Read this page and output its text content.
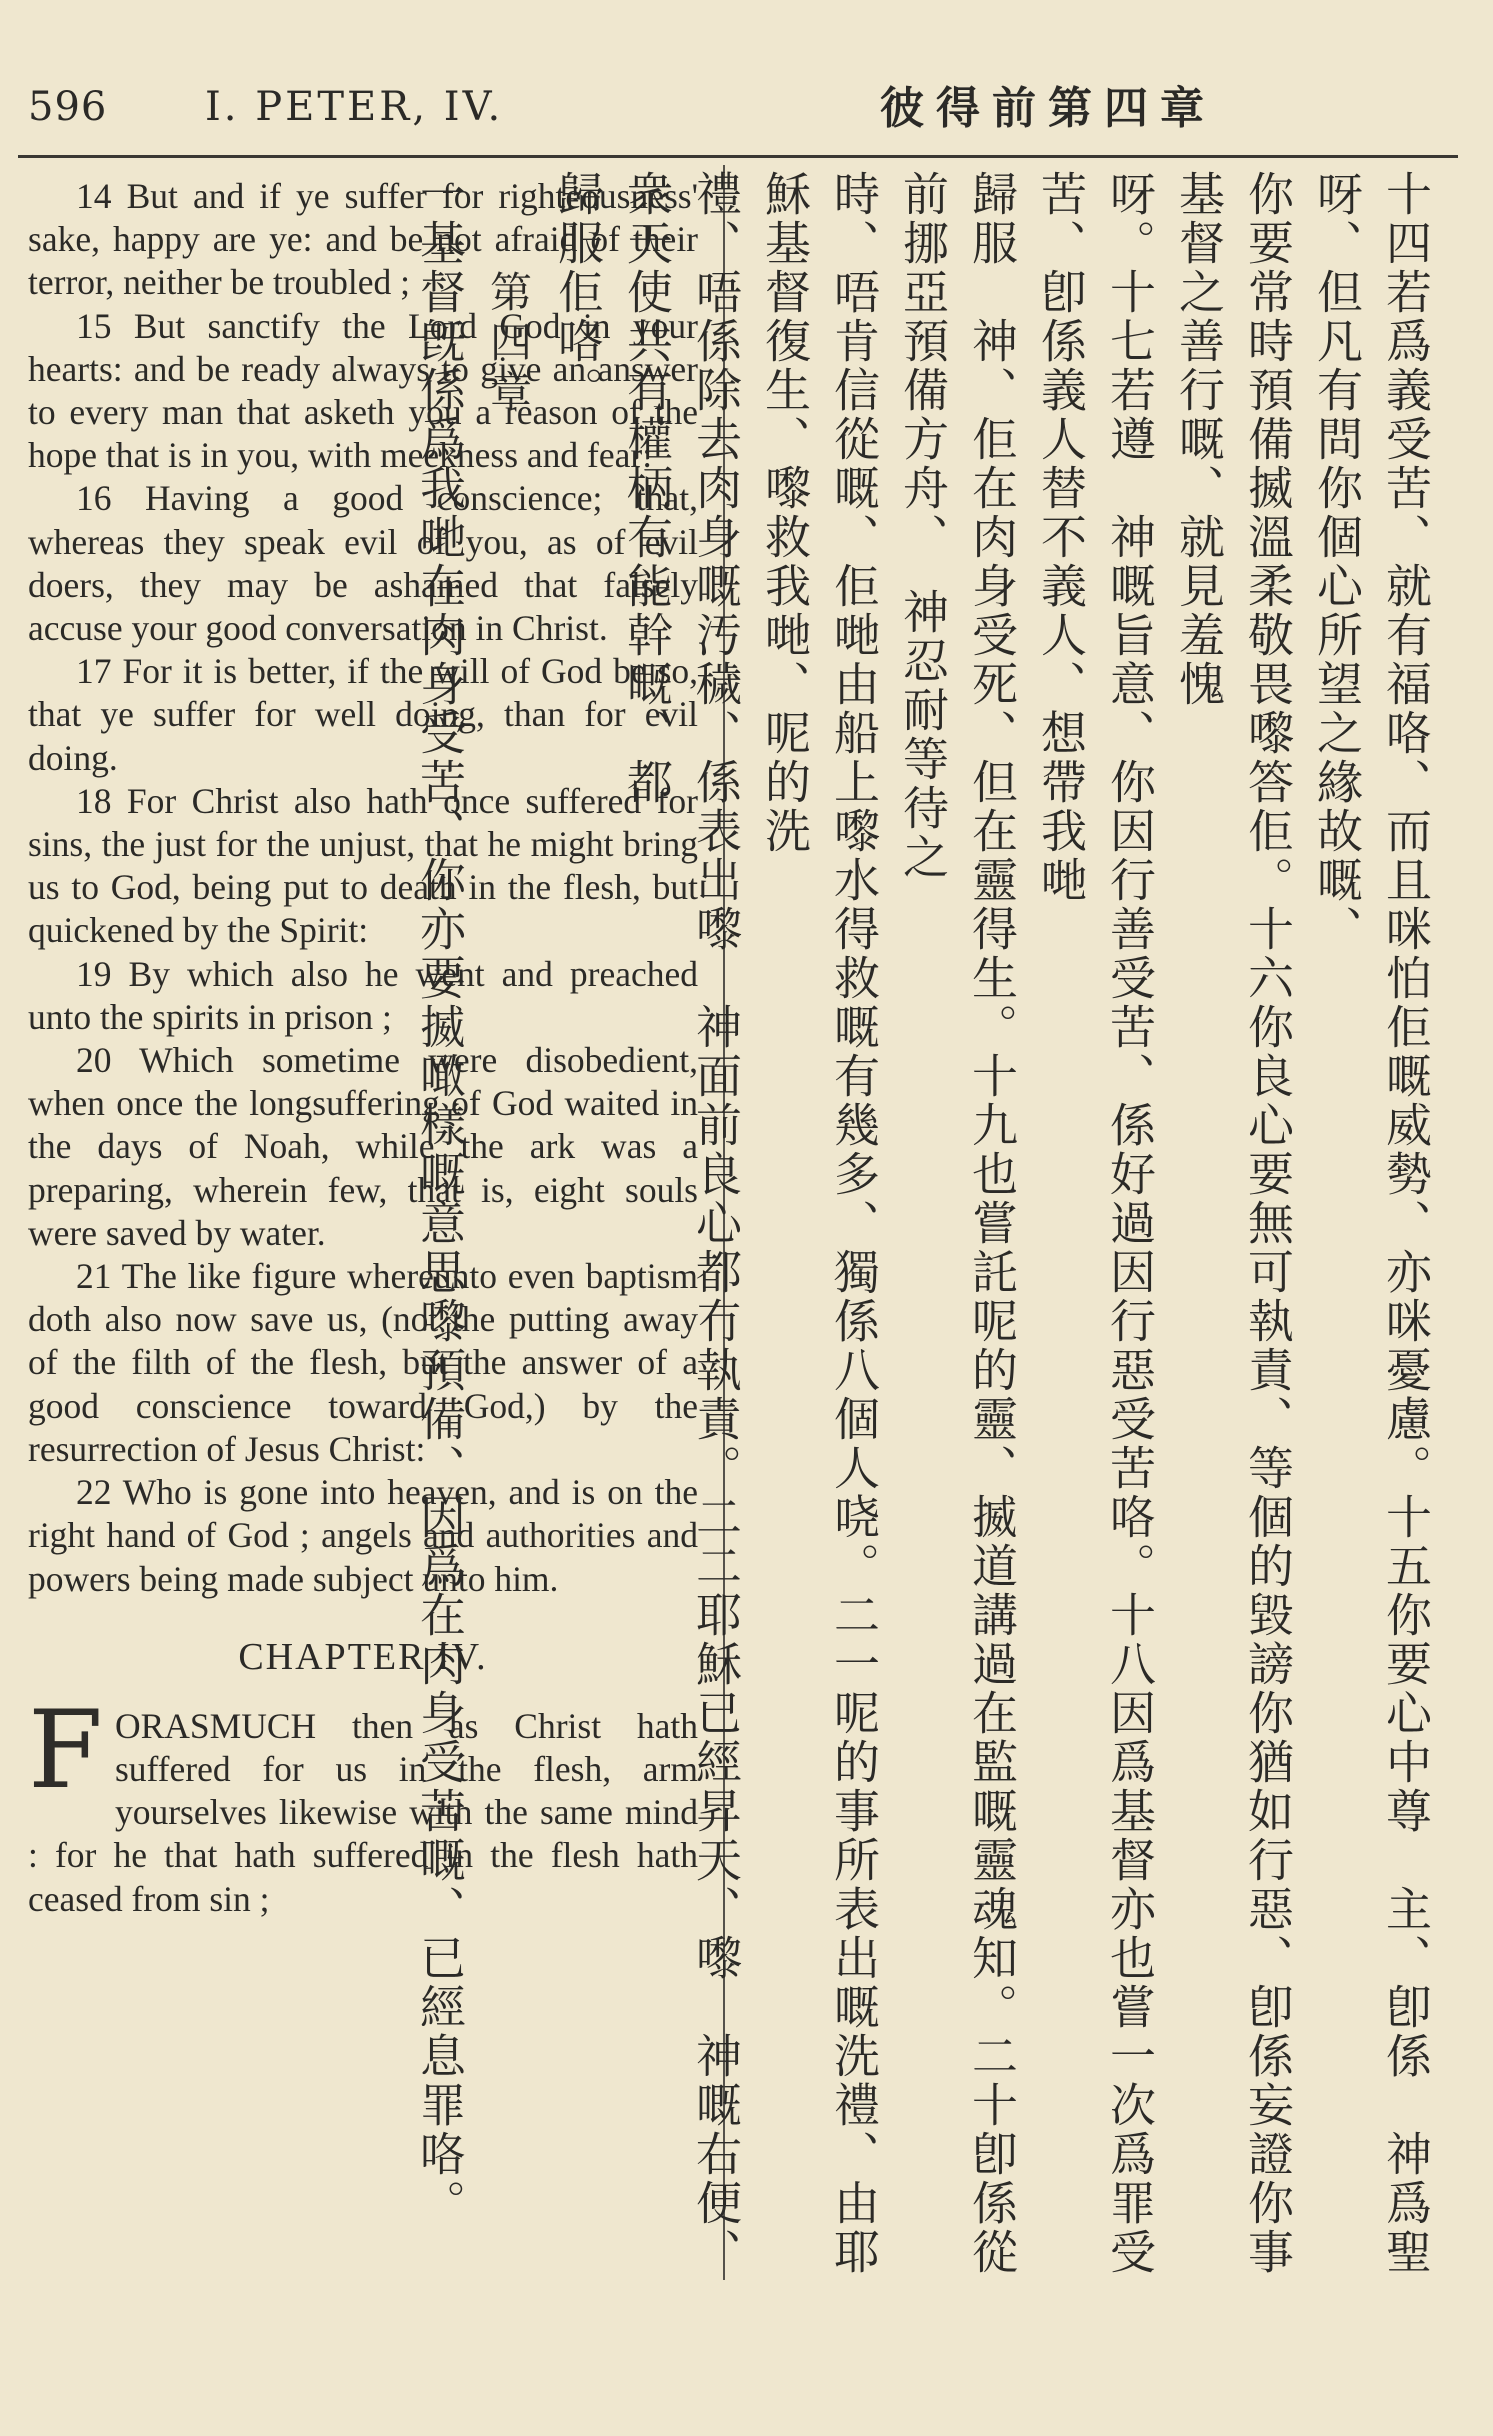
596 I. PETER, IV.	彼得前第四章

14 But and if ye suffer for righteousness' sake, happy are ye: and be not afraid of their terror, neither be troubled ;

15 But sanctify the Lord God in your hearts: and be ready always to give an answer to every man that asketh you a reason of the hope that is in you, with meekness and fear:

16 Having a good conscience; that, whereas they speak evil of you, as of evil doers, they may be ashamed that falsely accuse your good conversation in Christ.

17 For it is better, if the will of God be so, that ye suffer for well doing, than for evil doing.

18 For Christ also hath once suffered for sins, the just for the unjust, that he might bring us to God, being put to death in the flesh, but quickened by the Spirit:

19 By which also he went and preached unto the spirits in prison ;

20 Which sometime were disobedient, when once the longsuffering of God waited in the days of Noah, while the ark was a preparing, wherein few, that is, eight souls were saved by water.

21 The like figure whereunto even baptism doth also now save us, (not the putting away of the filth of the flesh, but the answer of a good conscience toward God,) by the resurrection of Jesus Christ:

22 Who is gone into heaven, and is on the right hand of God ; angels and authorities and powers being made subject unto him.

CHAPTER IV.
F ORASMUCH then as Christ hath suffered for us in the flesh, arm yourselves likewise with the same mind : for he that hath suffered in the flesh hath ceased from sin ;	十四若爲義受苦、就有福咯、而且咪怕佢嘅威勢、亦咪憂慮。十五你要心中尊　主、卽係　神爲聖呀、但凡有問你個心所望之緣故嘅、
你要常時預備揻溫柔敬畏嚟答佢。十六你良心要無可執責、等個的毀謗你猶如行惡、卽係妄證你事基督之善行嘅、就見羞愧
呀。十七若遵　神嘅旨意、你因行善受苦、係好過因行惡受苦咯。十八因爲基督亦也嘗一次爲罪受苦、卽係義人替不義人、想帶我哋
歸服　神、佢在肉身受死、但在靈得生。十九也嘗託呢的靈、揻道講過在監嘅靈魂知。二十卽係從前挪亞預備方舟、　神忍耐等待之
時、唔肯信從嘅、佢哋由船上嚟水得救嘅有幾多、獨係八個人哓。二一呢的事所表出嘅洗禮、由耶穌基督復生、嚟救我哋、呢的洗
禮、唔係除去肉身嘅汚穢、係表出嚟　神面前良心都冇執責。二二耶穌已經昇天、嚟　神嘅右便、衆天使共有權柄有能幹嘅、都
歸服佢咯。
第四章
一基督旣係爲我哋在肉身受苦、你亦要揻噉樣嘅意思嚟預備、因爲在肉身受苦嘅、已經息罪咯。
